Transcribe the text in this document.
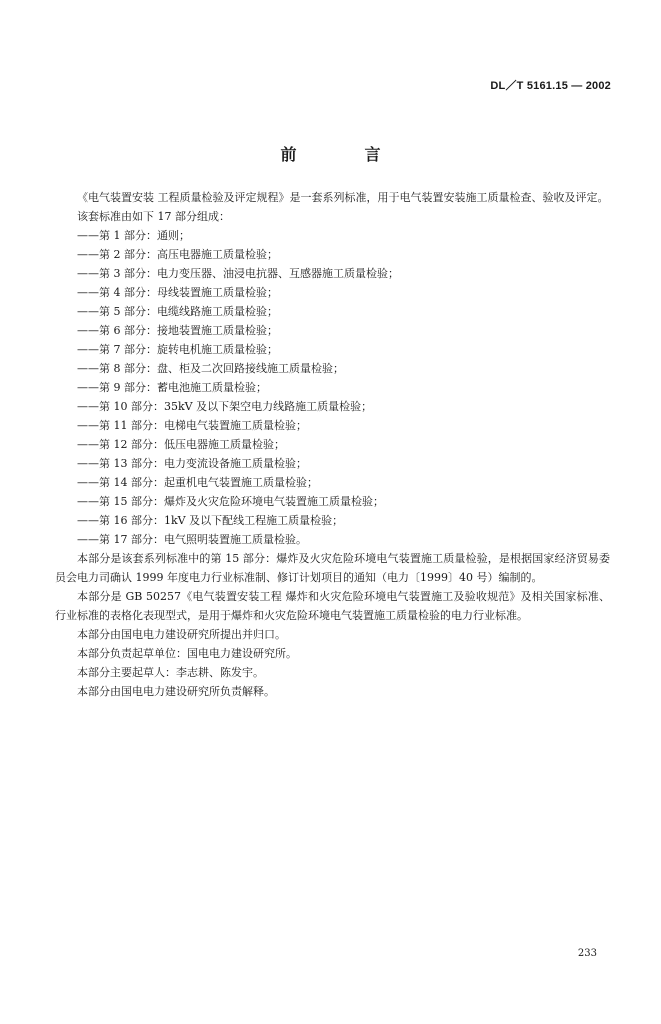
DL／T 5161.15 — 2002
前　言
《电气装置安装 工程质量检验及评定规程》是一套系列标准，用于电气装置安装施工质量检查、验收及评定。
该套标准由如下 17 部分组成：
——第 1 部分：通则；
——第 2 部分：高压电器施工质量检验；
——第 3 部分：电力变压器、油浸电抗器、互感器施工质量检验；
——第 4 部分：母线装置施工质量检验；
——第 5 部分：电缆线路施工质量检验；
——第 6 部分：接地装置施工质量检验；
——第 7 部分：旋转电机施工质量检验；
——第 8 部分：盘、柜及二次回路接线施工质量检验；
——第 9 部分：蓄电池施工质量检验；
——第 10 部分：35kV 及以下架空电力线路施工质量检验；
——第 11 部分：电梯电气装置施工质量检验；
——第 12 部分：低压电器施工质量检验；
——第 13 部分：电力变流设备施工质量检验；
——第 14 部分：起重机电气装置施工质量检验；
——第 15 部分：爆炸及火灾危险环境电气装置施工质量检验；
——第 16 部分：1kV 及以下配线工程施工质量检验；
——第 17 部分：电气照明装置施工质量检验。
本部分是该套系列标准中的第 15 部分：爆炸及火灾危险环境电气装置施工质量检验，是根据国家经济贸易委员会电力司确认 1999 年度电力行业标准制、修订计划项目的通知（电力〔1999〕40 号）编制的。
本部分是 GB 50257《电气装置安装工程 爆炸和火灾危险环境电气装置施工及验收规范》及相关国家标准、行业标准的表格化表现型式，是用于爆炸和火灾危险环境电气装置施工质量检验的电力行业标准。
本部分由国电电力建设研究所提出并归口。
本部分负责起草单位：国电电力建设研究所。
本部分主要起草人：李志耕、陈发宇。
本部分由国电电力建设研究所负责解释。
233
